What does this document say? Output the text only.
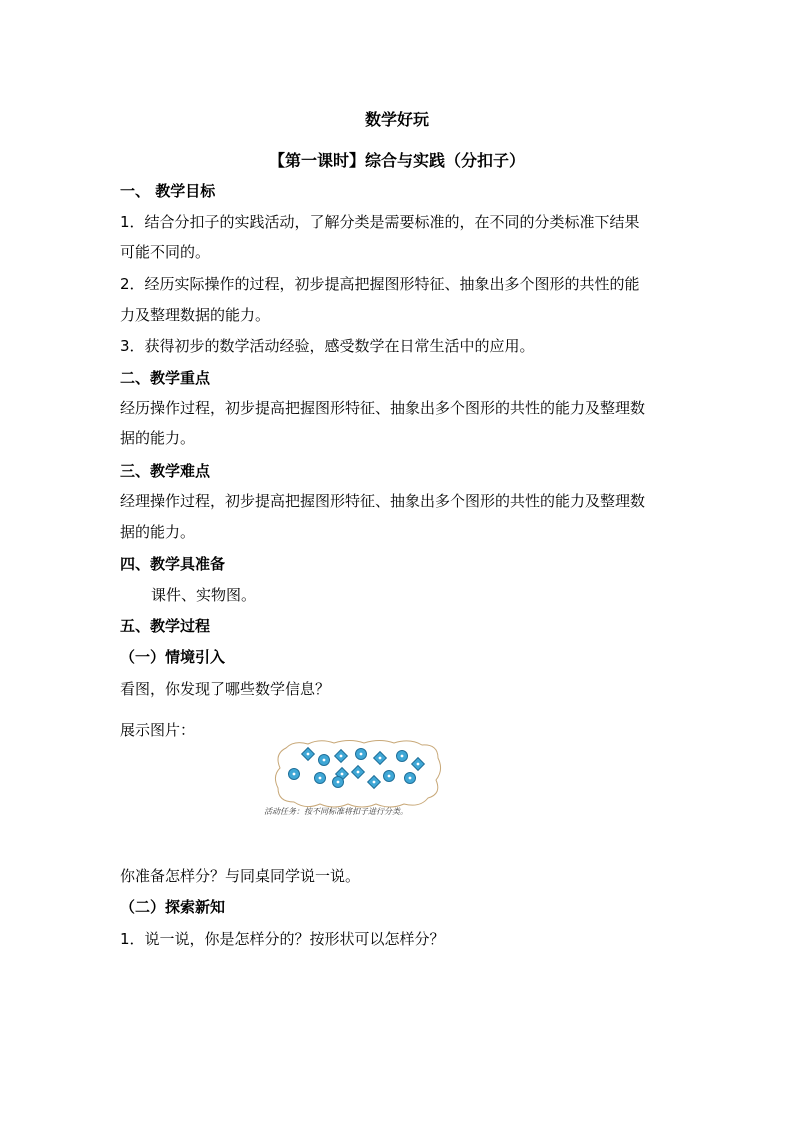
数学好玩
【第一课时】综合与实践（分扣子）
一、 教学目标
1．结合分扣子的实践活动，了解分类是需要标准的，在不同的分类标准下结果
可能不同的。
2．经历实际操作的过程，初步提高把握图形特征、抽象出多个图形的共性的能
力及整理数据的能力。
3．获得初步的数学活动经验，感受数学在日常生活中的应用。
二、教学重点
经历操作过程，初步提高把握图形特征、抽象出多个图形的共性的能力及整理数
据的能力。
三、教学难点
经理操作过程，初步提高把握图形特征、抽象出多个图形的共性的能力及整理数
据的能力。
四、教学具准备
课件、实物图。
五、教学过程
（一）情境引入
看图，你发现了哪些数学信息？
展示图片：
活动任务：按不同标准将扣子进行分类。
你准备怎样分？与同桌同学说一说。
（二）探索新知
1．说一说，你是怎样分的？按形状可以怎样分？
